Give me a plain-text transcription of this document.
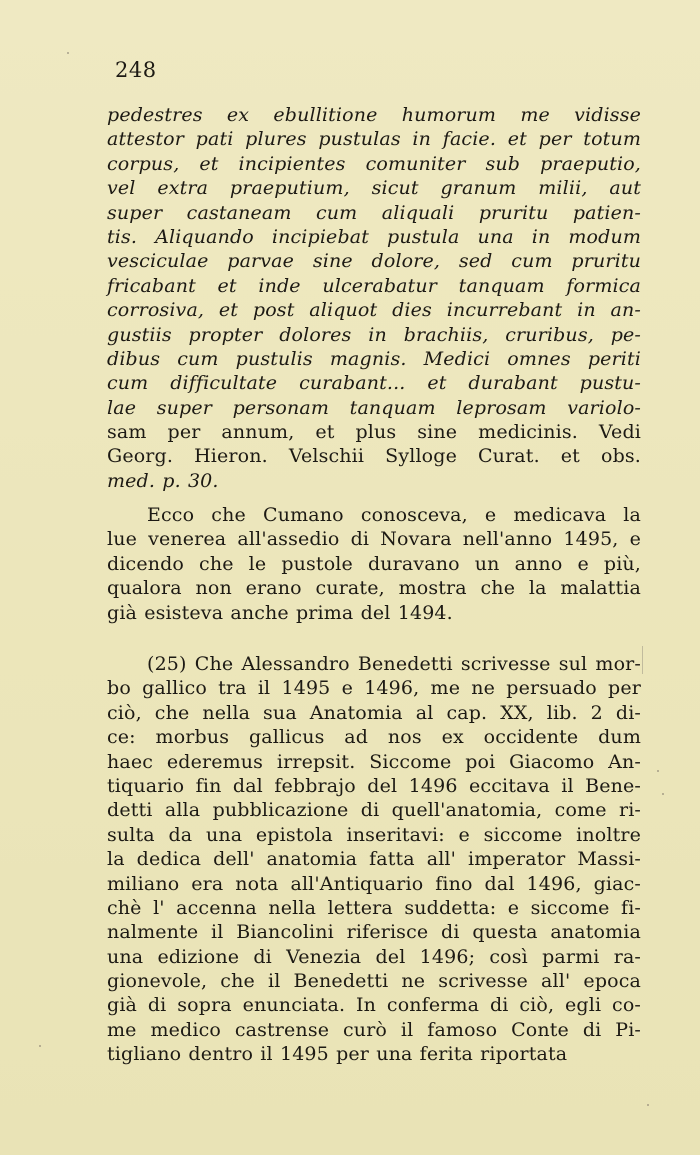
248
pedestres ex ebullitione humorum me vidisse
attestor pati plures pustulas in facie. et per totum
corpus, et incipientes comuniter sub praeputio,
vel extra praeputium, sicut granum milii, aut
super castaneam cum aliquali pruritu patien-
tis. Aliquando incipiebat pustula una in modum
vesciculae parvae sine dolore, sed cum pruritu
fricabant et inde ulcerabatur tanquam formica
corrosiva, et post aliquot dies incurrebant in an-
gustiis propter dolores in brachiis, cruribus, pe-
dibus cum pustulis magnis. Medici omnes periti
cum difficultate curabant... et durabant pustu-
lae super personam tanquam leprosam variolo-
sam per annum, et plus sine medicinis. Vedi
Georg. Hieron. Velschii Sylloge Curat. et obs.
med. p. 30.
Ecco che Cumano conosceva, e medicava la
lue venerea all'assedio di Novara nell'anno 1495, e
dicendo che le pustole duravano un anno e più,
qualora non erano curate, mostra che la malattia
già esisteva anche prima del 1494.
(25) Che Alessandro Benedetti scrivesse sul mor-
bo gallico tra il 1495 e 1496, me ne persuado per
ciò, che nella sua Anatomia al cap. XX, lib. 2 di-
ce: morbus gallicus ad nos ex occidente dum
haec ederemus irrepsit. Siccome poi Giacomo An-
tiquario fin dal febbrajo del 1496 eccitava il Bene-
detti alla pubblicazione di quell'anatomia, come ri-
sulta da una epistola inseritavi: e siccome inoltre
la dedica dell' anatomia fatta all' imperator Massi-
miliano era nota all'Antiquario fino dal 1496, giac-
chè l' accenna nella lettera suddetta: e siccome fi-
nalmente il Biancolini riferisce di questa anatomia
una edizione di Venezia del 1496; così parmi ra-
gionevole, che il Benedetti ne scrivesse all' epoca
già di sopra enunciata. In conferma di ciò, egli co-
me medico castrense curò il famoso Conte di Pi-
tigliano dentro il 1495 per una ferita riportata
